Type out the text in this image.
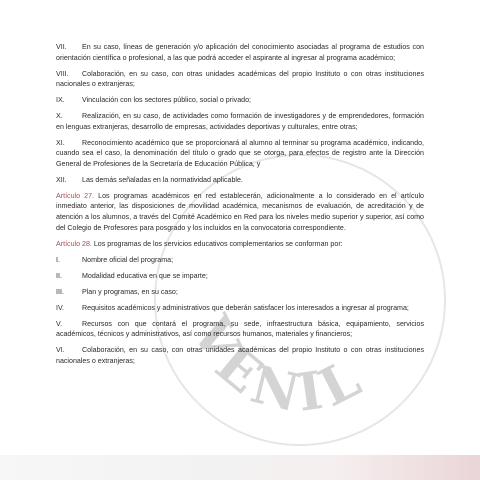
VENIL

VII. En su caso, líneas de generación y/o aplicación del conocimiento asociadas al programa de estudios con orientación científica o profesional, a las que podrá acceder el aspirante al ingresar al programa académico;

VIII. Colaboración, en su caso, con otras unidades académicas del propio Instituto o con otras instituciones nacionales o extranjeras;

IX. Vinculación con los sectores público, social o privado;

X.	Realización, en su caso, de actividades como formación de investigadores y de emprendedores, formación en lenguas extranjeras, desarrollo de empresas, actividades deportivas y culturales, entre otras;

XI. Reconocimiento académico que se proporcionará al alumno al terminar su programa académico, indicando, cuando sea el caso, la denominación del título o grado que se otorga, para efectos de registro ante la Dirección General de Profesiones de la Secretaría de Educación Pública, y

XII. Las demás señaladas en la normatividad aplicable.

Artículo 27. Los programas académicos en red establecerán, adicionalmente a lo considerado en el artículo inmediato anterior, las disposiciones de movilidad académica, mecanismos de evaluación, de acreditación y de atención a los alumnos, a través del Comité Académico en Red para los niveles medio superior y superior, así como del Colegio de Profesores para posgrado y los incluidos en la convocatoria correspondiente.

Artículo 28. Los programas de los servicios educativos complementarios se conforman por:

I.	Nombre oficial del programa;

II.	Modalidad educativa en que se imparte;

III.	Plan y programas, en su caso;

IV.	Requisitos académicos y administrativos que deberán satisfacer los interesados a ingresar al programa;

V.	Recursos con que contará el programa, su sede, infraestructura básica, equipamiento, servicios académicos, técnicos y administrativos, así como recursos humanos, materiales y financieros;

VI. Colaboración, en su caso, con otras unidades académicas del propio Instituto o con otras instituciones nacionales o extranjeras;
